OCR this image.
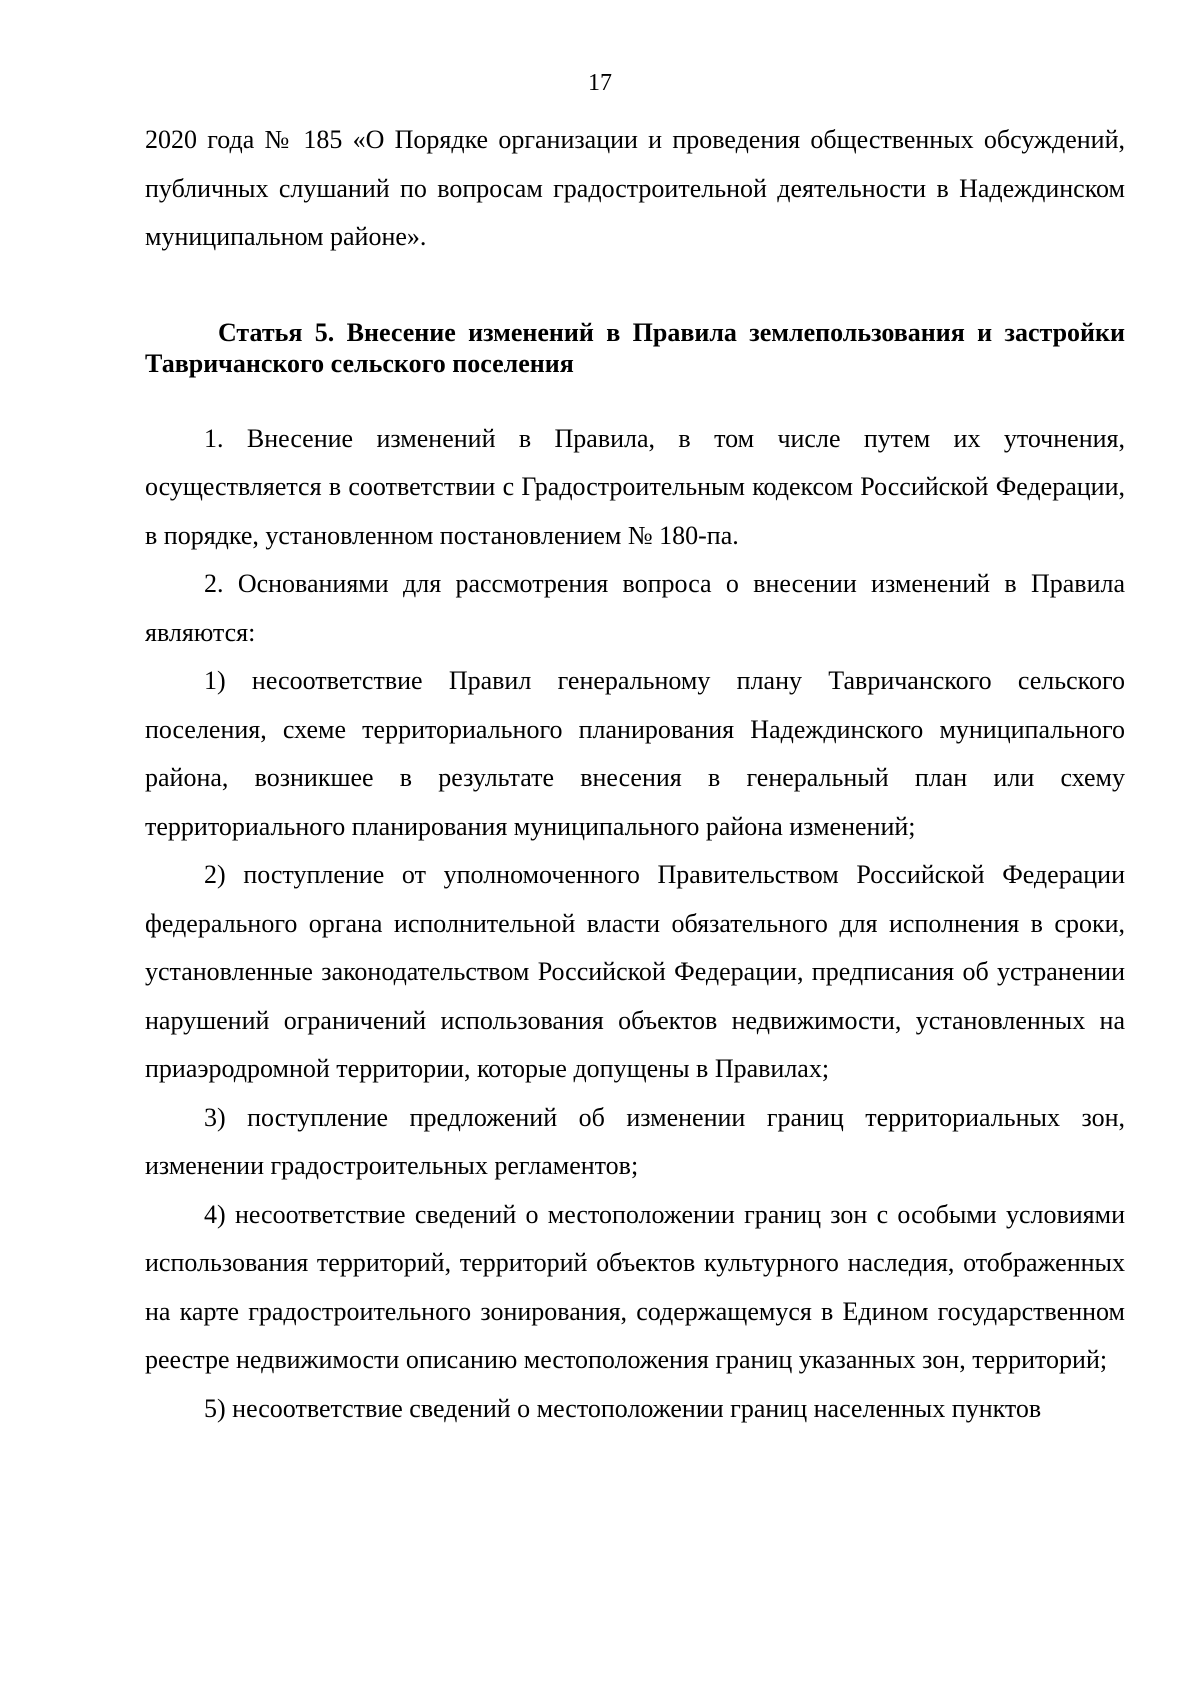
17

2020 года № 185 «О Порядке организации и проведения общественных обсуждений, публичных слушаний по вопросам градостроительной деятельности в Надеждинском муниципальном районе».

Статья 5. Внесение изменений в Правила землепользования и застройки Тавричанского сельского поселения

1. Внесение изменений в Правила, в том числе путем их уточнения, осуществляется в соответствии с Градостроительным кодексом Российской Федерации, в порядке, установленном постановлением № 180-па.

2. Основаниями для рассмотрения вопроса о внесении изменений в Правила являются:

1) несоответствие Правил генеральному плану Тавричанского сельского поселения, схеме территориального планирования Надеждинского муниципального района, возникшее в результате внесения в генеральный план или схему территориального планирования муниципального района изменений;

2) поступление от уполномоченного Правительством Российской Федерации федерального органа исполнительной власти обязательного для исполнения в сроки, установленные законодательством Российской Федерации, предписания об устранении нарушений ограничений использования объектов недвижимости, установленных на приаэродромной территории, которые допущены в Правилах;

3) поступление предложений об изменении границ территориальных зон, изменении градостроительных регламентов;

4) несоответствие сведений о местоположении границ зон с особыми условиями использования территорий, территорий объектов культурного наследия, отображенных на карте градостроительного зонирования, содержащемуся в Едином государственном реестре недвижимости описанию местоположения границ указанных зон, территорий;

5) несоответствие сведений о местоположении границ населенных пунктов
